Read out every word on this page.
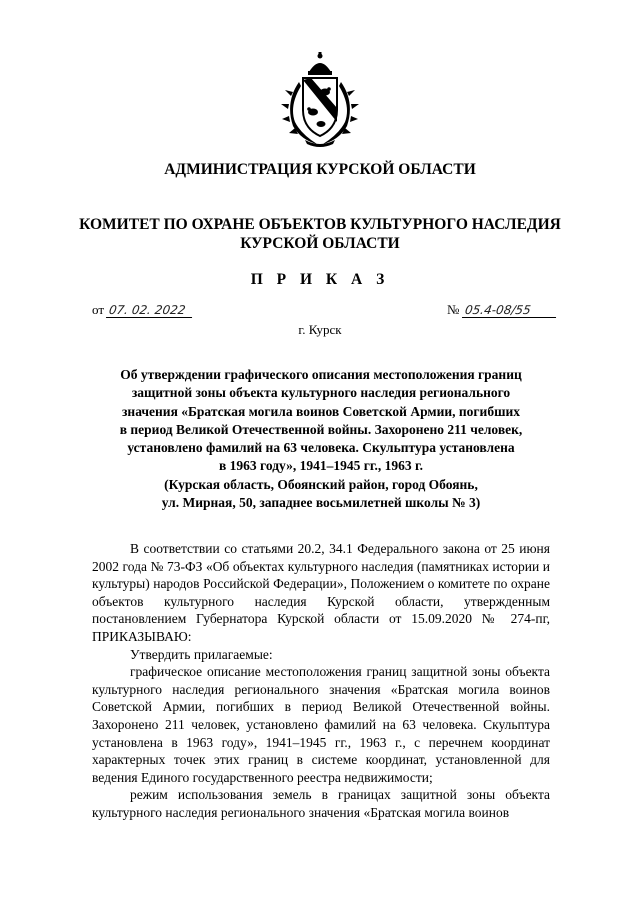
АДМИНИСТРАЦИЯ КУРСКОЙ ОБЛАСТИ
КОМИТЕТ ПО ОХРАНЕ ОБЪЕКТОВ КУЛЬТУРНОГО НАСЛЕДИЯ
КУРСКОЙ ОБЛАСТИ
П Р И К А З
от 07. 02. 2022	№ 05.4-08/55
г. Курск
Об утверждении графического описания местоположения границ
защитной зоны объекта культурного наследия регионального
значения «Братская могила воинов Советской Армии, погибших
в период Великой Отечественной войны. Захоронено 211 человек,
установлено фамилий на 63 человека. Скульптура установлена
в 1963 году», 1941–1945 гг., 1963 г.
(Курская область, Обоянский район, город Обоянь,
ул. Мирная, 50, западнее восьмилетней школы № 3)

В соответствии со статьями 20.2, 34.1 Федерального закона от 25 июня 2002 года № 73-ФЗ «Об объектах культурного наследия (памятниках истории и культуры) народов Российской Федерации», Положением о комитете по охране объектов культурного наследия Курской области, утвержденным постановлением Губернатора Курской области от 15.09.2020 № 274-пг, ПРИКАЗЫВАЮ:

Утвердить прилагаемые:

графическое описание местоположения границ защитной зоны объекта культурного наследия регионального значения «Братская могила воинов Советской Армии, погибших в период Великой Отечественной войны. Захоронено 211 человек, установлено фамилий на 63 человека. Скульптура установлена в 1963 году», 1941–1945 гг., 1963 г., с перечнем координат характерных точек этих границ в системе координат, установленной для ведения Единого государственного реестра недвижимости;

режим использования земель в границах защитной зоны объекта культурного наследия регионального значения «Братская могила воинов
